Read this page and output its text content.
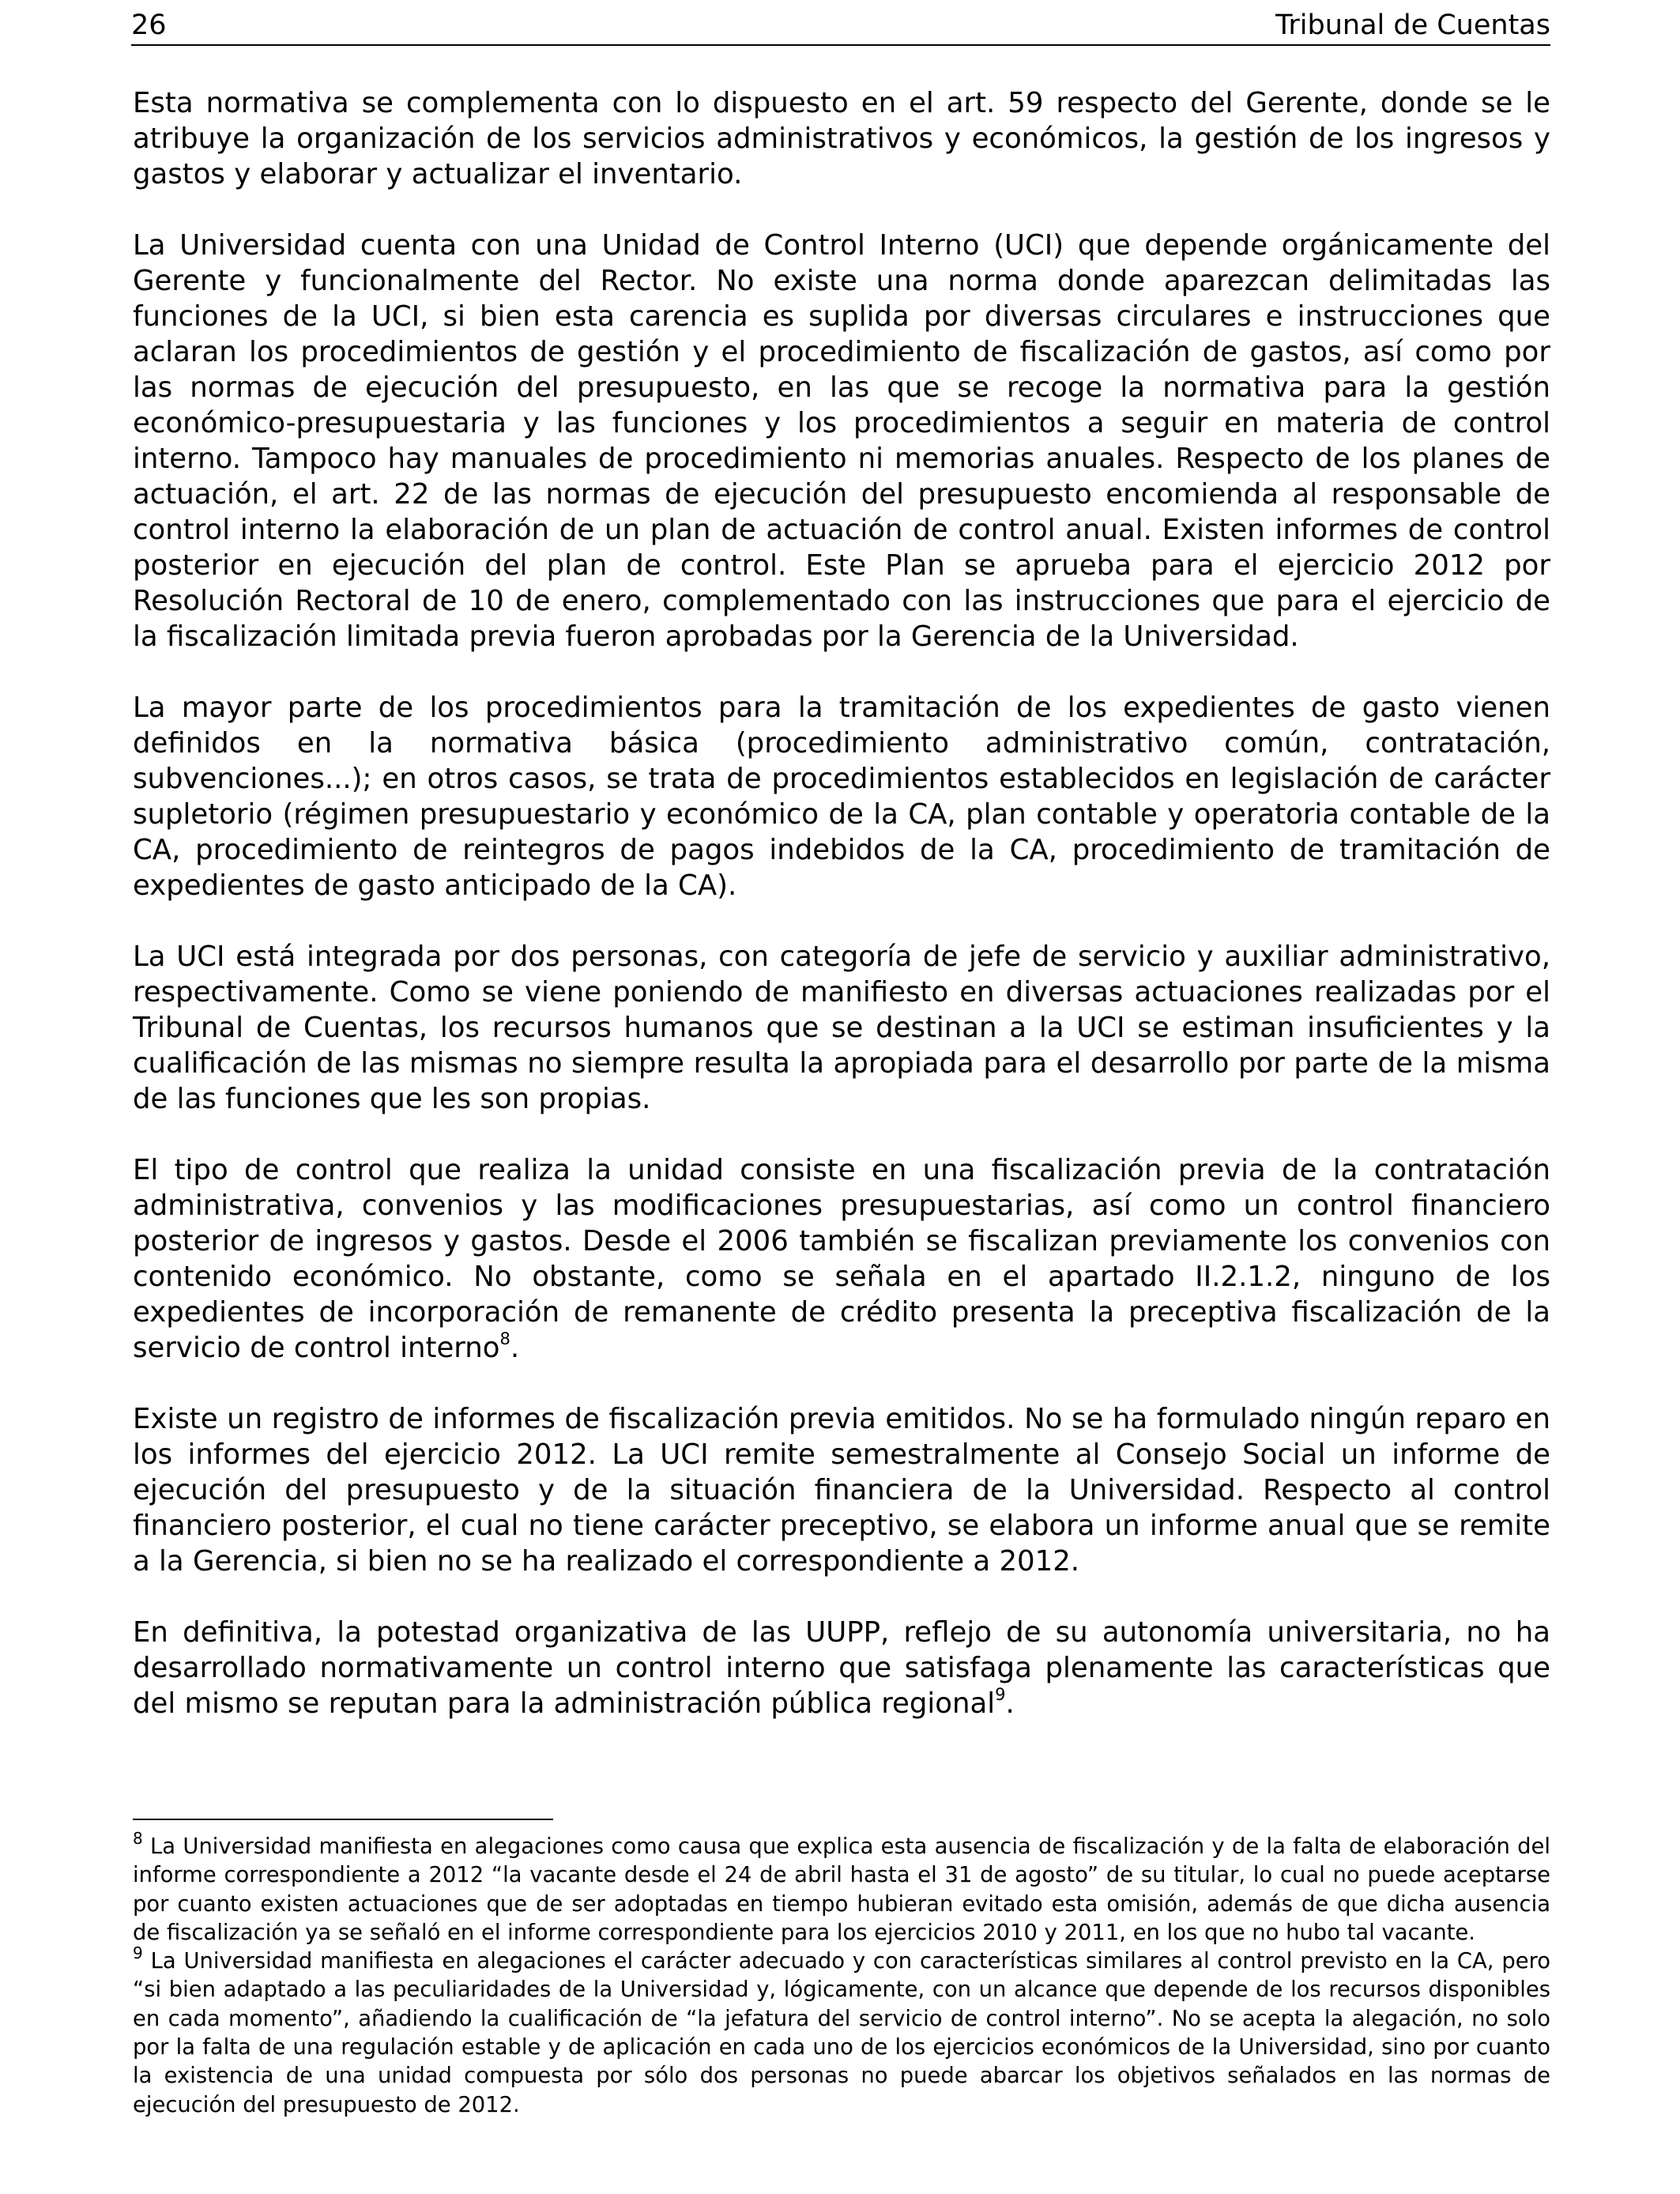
26	Tribunal de Cuentas

Esta normativa se complementa con lo dispuesto en el art. 59 respecto del Gerente, donde se le atribuye la organización de los servicios administrativos y económicos, la gestión de los ingresos y gastos y elaborar y actualizar el inventario.

La Universidad cuenta con una Unidad de Control Interno (UCI) que depende orgánicamente del Gerente y funcionalmente del Rector. No existe una norma donde aparezcan delimitadas las funciones de la UCI, si bien esta carencia es suplida por diversas circulares e instrucciones que aclaran los procedimientos de gestión y el procedimiento de fiscalización de gastos, así como por las normas de ejecución del presupuesto, en las que se recoge la normativa para la gestión económico-presupuestaria y las funciones y los procedimientos a seguir en materia de control interno. Tampoco hay manuales de procedimiento ni memorias anuales. Respecto de los planes de actuación, el art. 22 de las normas de ejecución del presupuesto encomienda al responsable de control interno la elaboración de un plan de actuación de control anual. Existen informes de control posterior en ejecución del plan de control. Este Plan se aprueba para el ejercicio 2012 por Resolución Rectoral de 10 de enero, complementado con las instrucciones que para el ejercicio de la fiscalización limitada previa fueron aprobadas por la Gerencia de la Universidad.

La mayor parte de los procedimientos para la tramitación de los expedientes de gasto vienen definidos en la normativa básica (procedimiento administrativo común, contratación, subvenciones...); en otros casos, se trata de procedimientos establecidos en legislación de carácter supletorio (régimen presupuestario y económico de la CA, plan contable y operatoria contable de la CA, procedimiento de reintegros de pagos indebidos de la CA, procedimiento de tramitación de expedientes de gasto anticipado de la CA).

La UCI está integrada por dos personas, con categoría de jefe de servicio y auxiliar administrativo, respectivamente. Como se viene poniendo de manifiesto en diversas actuaciones realizadas por el Tribunal de Cuentas, los recursos humanos que se destinan a la UCI se estiman insuficientes y la cualificación de las mismas no siempre resulta la apropiada para el desarrollo por parte de la misma de las funciones que les son propias.

El tipo de control que realiza la unidad consiste en una fiscalización previa de la contratación administrativa, convenios y las modificaciones presupuestarias, así como un control financiero posterior de ingresos y gastos. Desde el 2006 también se fiscalizan previamente los convenios con contenido económico. No obstante, como se señala en el apartado II.2.1.2, ninguno de los expedientes de incorporación de remanente de crédito presenta la preceptiva fiscalización de la servicio de control interno$^8$.

Existe un registro de informes de fiscalización previa emitidos. No se ha formulado ningún reparo en los informes del ejercicio 2012. La UCI remite semestralmente al Consejo Social un informe de ejecución del presupuesto y de la situación financiera de la Universidad. Respecto al control financiero posterior, el cual no tiene carácter preceptivo, se elabora un informe anual que se remite a la Gerencia, si bien no se ha realizado el correspondiente a 2012.

En definitiva, la potestad organizativa de las UUPP, reflejo de su autonomía universitaria, no ha desarrollado normativamente un control interno que satisfaga plenamente las características que del mismo se reputan para la administración pública regional$^9$.

$^8$ La Universidad manifiesta en alegaciones como causa que explica esta ausencia de fiscalización y de la falta de elaboración del informe correspondiente a 2012 “la vacante desde el 24 de abril hasta el 31 de agosto” de su titular, lo cual no puede aceptarse por cuanto existen actuaciones que de ser adoptadas en tiempo hubieran evitado esta omisión, además de que dicha ausencia de fiscalización ya se señaló en el informe correspondiente para los ejercicios 2010 y 2011, en los que no hubo tal vacante.

$^9$ La Universidad manifiesta en alegaciones el carácter adecuado y con características similares al control previsto en la CA, pero “si bien adaptado a las peculiaridades de la Universidad y, lógicamente, con un alcance que depende de los recursos disponibles en cada momento”, añadiendo la cualificación de “la jefatura del servicio de control interno”. No se acepta la alegación, no solo por la falta de una regulación estable y de aplicación en cada uno de los ejercicios económicos de la Universidad, sino por cuanto la existencia de una unidad compuesta por sólo dos personas no puede abarcar los objetivos señalados en las normas de ejecución del presupuesto de 2012.
